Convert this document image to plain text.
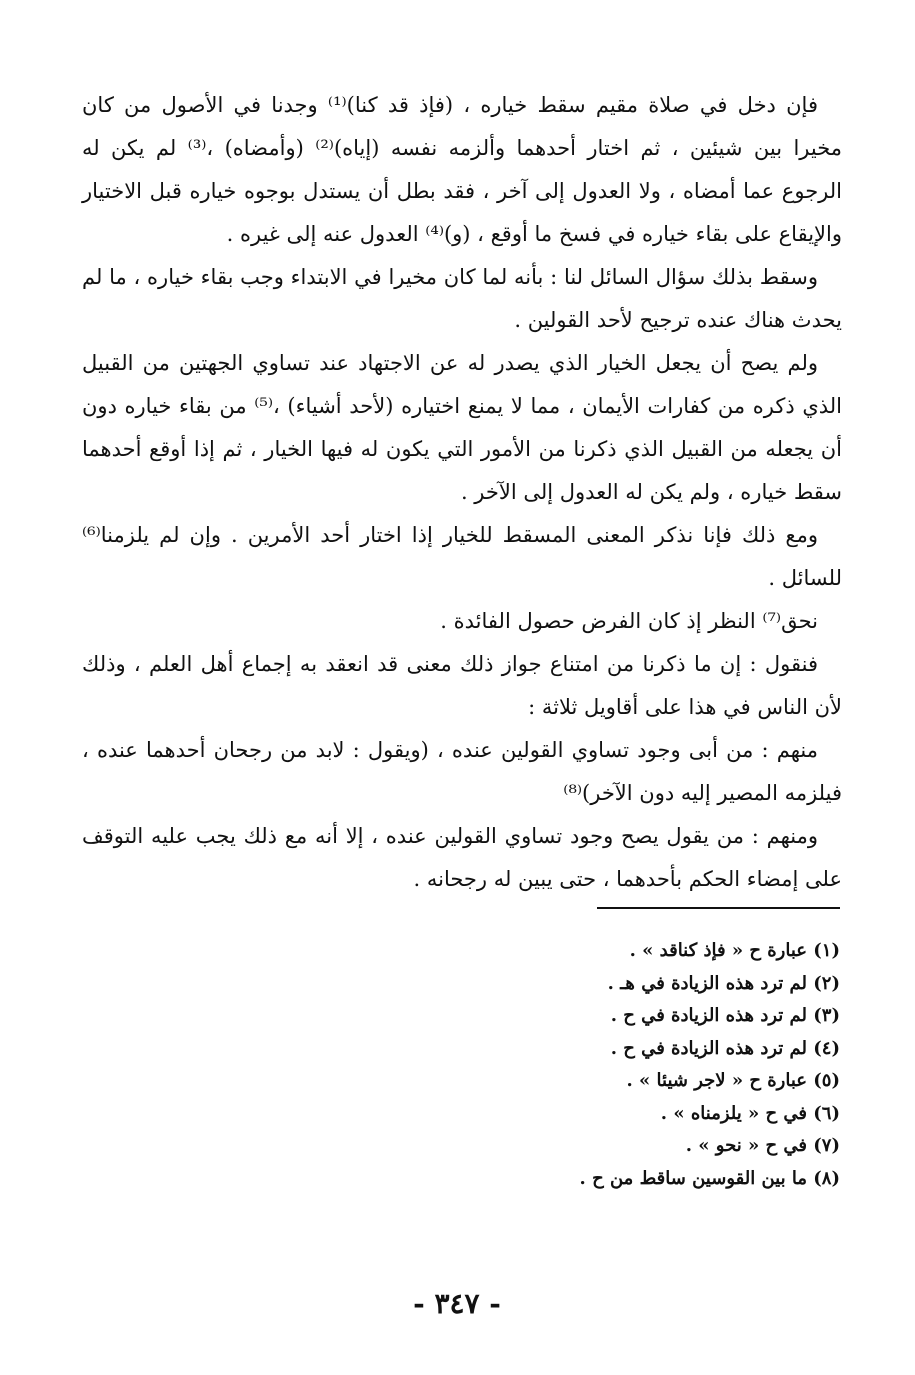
فإن دخل في صلاة مقيم سقط خياره ، (فإذ قد كنا)⁽¹⁾ وجدنا في الأصول من كان مخيرا بين شيئين ، ثم اختار أحدهما وألزمه نفسه (إياه)⁽²⁾ (وأمضاه) ،⁽³⁾ لم يكن له الرجوع عما أمضاه ، ولا العدول إلى آخر ، فقد بطل أن يستدل بوجوه خياره قبل الاختيار والإيقاع على بقاء خياره في فسخ ما أوقع ، (و)⁽⁴⁾ العدول عنه إلى غيره .

وسقط بذلك سؤال السائل لنا : بأنه لما كان مخيرا في الابتداء وجب بقاء خياره ، ما لم يحدث هناك عنده ترجيح لأحد القولين .

ولم يصح أن يجعل الخيار الذي يصدر له عن الاجتهاد عند تساوي الجهتين من القبيل الذي ذكره من كفارات الأيمان ، مما لا يمنع اختياره (لأحد أشياء) ،⁽⁵⁾ من بقاء خياره دون أن يجعله من القبيل الذي ذكرنا من الأمور التي يكون له فيها الخيار ، ثم إذا أوقع أحدهما سقط خياره ، ولم يكن له العدول إلى الآخر .

ومع ذلك فإنا نذكر المعنى المسقط للخيار إذا اختار أحد الأمرين . وإن لم يلزمنا⁽⁶⁾ للسائل .

نحق⁽⁷⁾ النظر إذ كان الفرض حصول الفائدة .

فنقول : إن ما ذكرنا من امتناع جواز ذلك معنى قد انعقد به إجماع أهل العلم ، وذلك لأن الناس في هذا على أقاويل ثلاثة :

منهم : من أبى وجود تساوي القولين عنده ، (ويقول : لابد من رجحان أحدهما عنده ، فيلزمه المصير إليه دون الآخر)⁽⁸⁾

ومنهم : من يقول يصح وجود تساوي القولين عنده ، إلا أنه مع ذلك يجب عليه التوقف على إمضاء الحكم بأحدهما ، حتى يبين له رجحانه .

(١) عبارة ح « فإذ كناقد » .
(٢) لم ترد هذه الزيادة في هـ .
(٣) لم ترد هذه الزيادة في ح .
(٤) لم ترد هذه الزيادة في ح .
(٥) عبارة ح « لاجر شيئا » .
(٦) في ح « يلزمناه » .
(٧) في ح « نحو » .
(٨) ما بين القوسين ساقط من ح .
- ٣٤٧ -
